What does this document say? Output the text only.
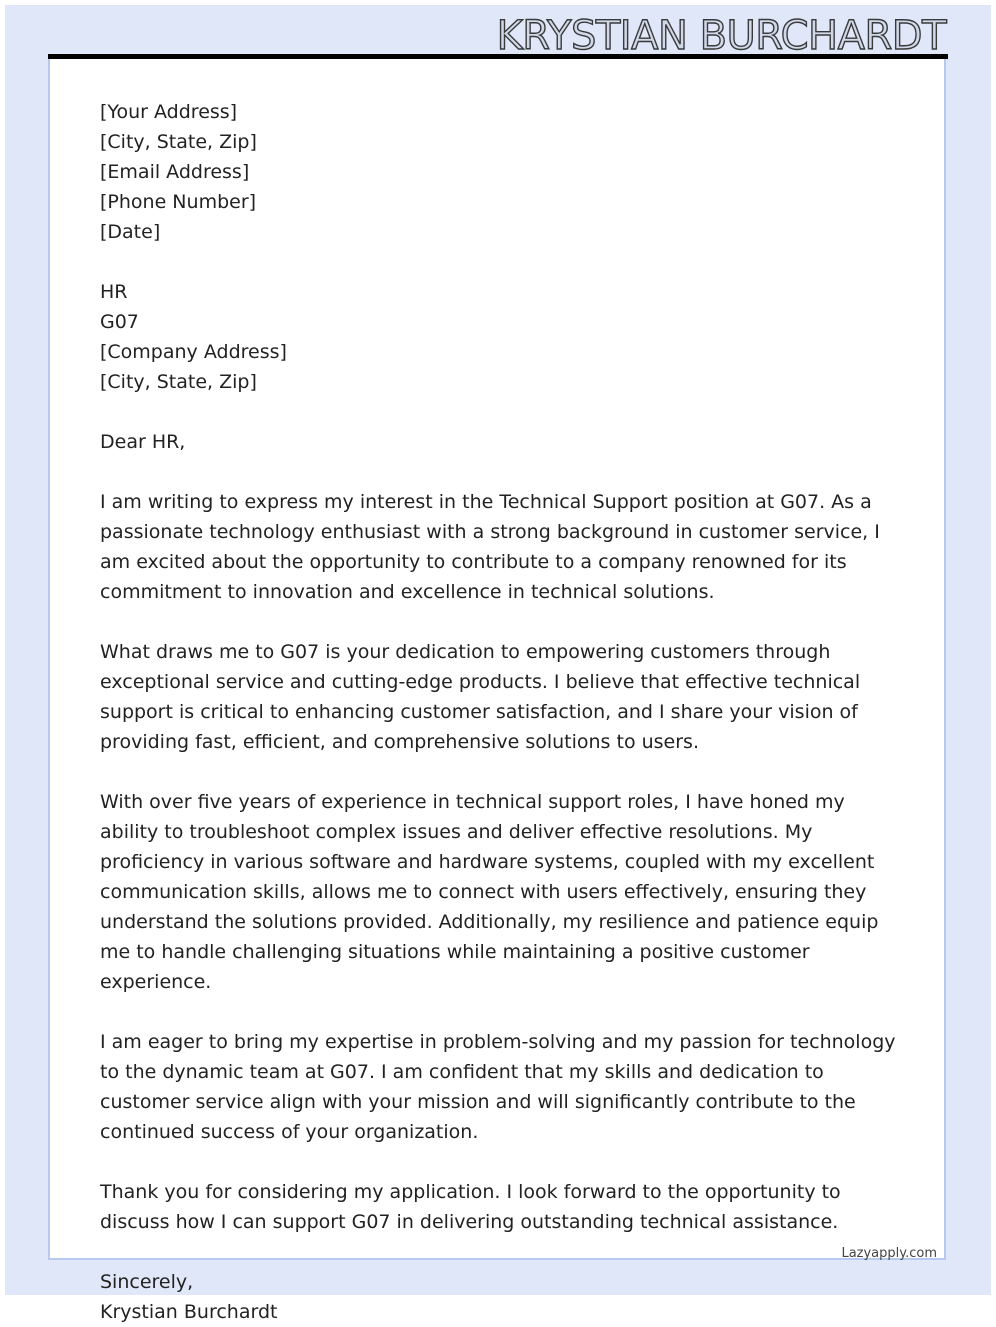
KRYSTIAN BURCHARDT
[Your Address]
[City, State, Zip]
[Email Address]
[Phone Number]
[Date]
HR
G07
[Company Address]
[City, State, Zip]
Dear HR,
I am writing to express my interest in the Technical Support position at G07. As a passionate technology enthusiast with a strong background in customer service, I am excited about the opportunity to contribute to a company renowned for its commitment to innovation and excellence in technical solutions.
What draws me to G07 is your dedication to empowering customers through exceptional service and cutting-edge products. I believe that effective technical support is critical to enhancing customer satisfaction, and I share your vision of providing fast, efficient, and comprehensive solutions to users.
With over five years of experience in technical support roles, I have honed my ability to troubleshoot complex issues and deliver effective resolutions. My proficiency in various software and hardware systems, coupled with my excellent communication skills, allows me to connect with users effectively, ensuring they understand the solutions provided. Additionally, my resilience and patience equip me to handle challenging situations while maintaining a positive customer experience.
I am eager to bring my expertise in problem-solving and my passion for technology to the dynamic team at G07. I am confident that my skills and dedication to customer service align with your mission and will significantly contribute to the continued success of your organization.
Thank you for considering my application. I look forward to the opportunity to discuss how I can support G07 in delivering outstanding technical assistance.
Sincerely,
Krystian Burchardt
Lazyapply.com
